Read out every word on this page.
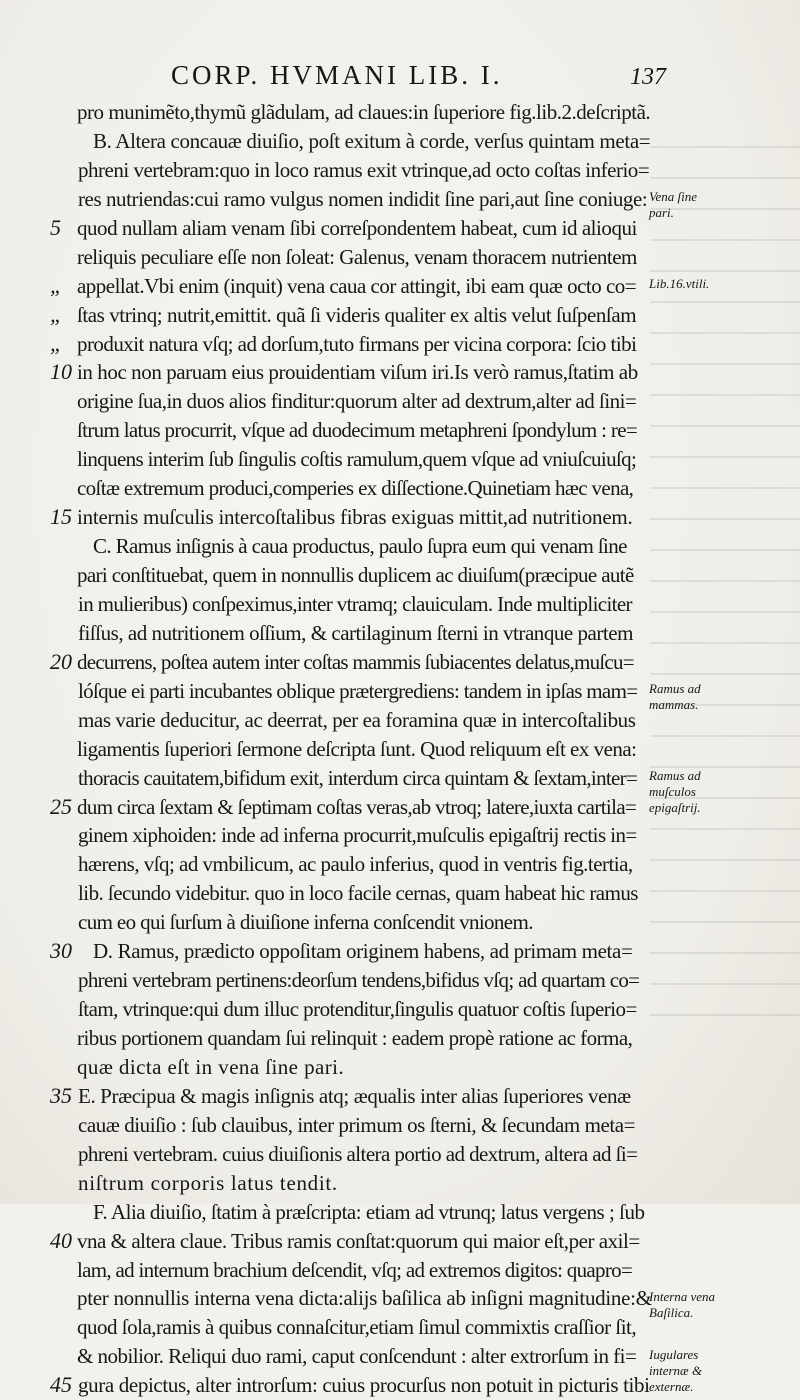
CORP. HVMANI LIB. I.	137
pro munimẽto,thymũ glãdulam, ad claues:in ſuperiore fig.lib.2.deſcriptã.
B. Altera concauæ diuiſio, poſt exitum à corde, verſus quintam meta=
phreni vertebram:quo in loco ramus exit vtrinque,ad octo coſtas inferio=
res nutriendas:cui ramo vulgus nomen indidit ſine pari,aut ſine coniuge:
5 quod nullam aliam venam ſibi correſpondentem habeat, cum id alioqui
reliquis peculiare eſſe non ſoleat: Galenus, venam thoracem nutrientem
„ appellat.Vbi enim (inquit) vena caua cor attingit, ibi eam quæ octo co=
„ ſtas vtrinq; nutrit,emittit. quã ſi videris qualiter ex altis velut ſuſpenſam
„ produxit natura vſq; ad dorſum,tuto firmans per vicina corpora: ſcio tibi
10 in hoc non paruam eius prouidentiam viſum iri.Is verò ramus,ſtatim ab
origine ſua,in duos alios finditur:quorum alter ad dextrum,alter ad ſini=
ſtrum latus procurrit, vſque ad duodecimum metaphreni ſpondylum : re=
linquens interim ſub ſingulis coſtis ramulum,quem vſque ad vniuſcuiuſq;
coſtæ extremum produci,comperies ex diſſectione.Quinetiam hæc vena,
15 internis muſculis intercoſtalibus fibras exiguas mittit,ad nutritionem.
C. Ramus inſignis à caua productus, paulo ſupra eum qui venam ſine
pari conſtituebat, quem in nonnullis duplicem ac diuiſum(præcipue autẽ
in mulieribus) conſpeximus,inter vtramq; clauiculam. Inde multipliciter
fiſſus, ad nutritionem oſſium, & cartilaginum ſterni in vtranque partem
20 decurrens, poſtea autem inter coſtas mammis ſubiacentes delatus,muſcu=
lóſque ei parti incubantes oblique prætergrediens: tandem in ipſas mam=
mas varie deducitur, ac deerrat, per ea foramina quæ in intercoſtalibus
ligamentis ſuperiori ſermone deſcripta ſunt. Quod reliquum eſt ex vena:
thoracis cauitatem,bifidum exit, interdum circa quintam & ſextam,inter=
25 dum circa ſextam & ſeptimam coſtas veras,ab vtroq; latere,iuxta cartila=
ginem xiphoiden: inde ad inferna procurrit,muſculis epigaſtrij rectis in=
hærens, vſq; ad vmbilicum, ac paulo inferius, quod in ventris fig.tertia,
lib. ſecundo videbitur. quo in loco facile cernas, quam habeat hic ramus
cum eo qui ſurſum à diuiſione inferna conſcendit vnionem.
30 D. Ramus, prædicto oppoſitam originem habens, ad primam meta=
phreni vertebram pertinens:deorſum tendens,bifidus vſq; ad quartam co=
ſtam, vtrinque:qui dum illuc protenditur,ſingulis quatuor coſtis ſuperio=
ribus portionem quandam ſui relinquit : eadem propè ratione ac forma,
quæ dicta eſt in vena ſine pari.
35 E. Præcipua & magis inſignis atq; æqualis inter alias ſuperiores venæ
cauæ diuiſio : ſub clauibus, inter primum os ſterni, & ſecundam meta=
phreni vertebram. cuius diuiſionis altera portio ad dextrum, altera ad ſi=
niſtrum corporis latus tendit.
F. Alia diuiſio, ſtatim à præſcripta: etiam ad vtrunq; latus vergens ; ſub
40 vna & altera claue. Tribus ramis conſtat:quorum qui maior eſt,per axil=
lam, ad internum brachium deſcendit, vſq; ad extremos digitos: quapro=
pter nonnullis interna vena dicta:alijs baſilica ab inſigni magnitudine:&
quod ſola,ramis à quibus connaſcitur,etiam ſimul commixtis craſſior ſit,
& nobilior. Reliqui duo rami, caput conſcendunt : alter extrorſum in fi=
45 gura depictus, alter introrſum: cuius procurſus non potuit in picturis tibi
Vena ſine pari.
Lib.16.vtili.
Ramus ad mammas.
Ramus ad muſculos epigaſtrij.
Interna vena Baſilica.
Iugulares internæ & externæ.
